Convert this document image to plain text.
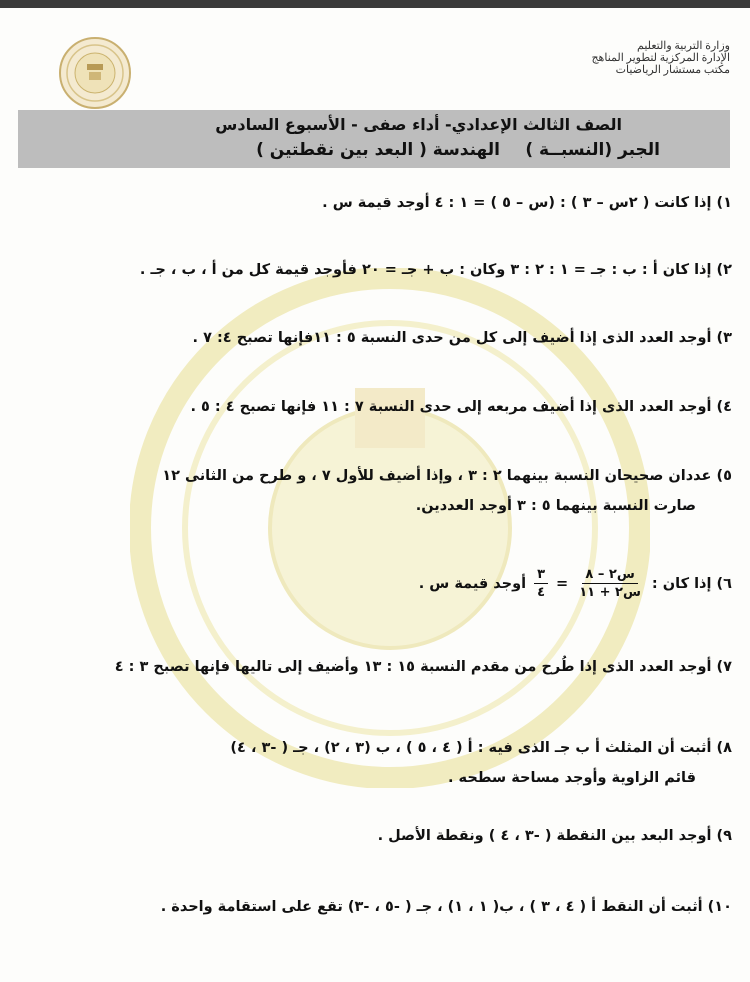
وزارة التربية والتعليم
الإدارة المركزية لتطوير المناهج
مكتب مستشار الرياضيات
الصف الثالث الإعدادي- أداء صفى - الأسبوع السادس
الجبر (النسبــة )
الهندسة ( البعد بين نقطتين )
١) إذا كانت ( ٢س – ٣ ) : (س – ٥ ) = ١ : ٤ أوجد قيمة س .
٢) إذا كان أ : ب : جـ = ١ : ٢ : ٣ وكان : ب + جـ = ٢٠ فأوجد قيمة كل من أ ، ب ، جـ .
٣) أوجد العدد الذى إذا أضيف إلى كل من حدى النسبة ٥ : ١١فإنها تصبح ٤: ٧ .
٤) أوجد العدد الذى إذا أضيف مربعه إلى حدى النسبة ٧ : ١١ فإنها تصبح ٤ : ٥ .
٥) عددان صحيحان النسبة بينهما ٢ : ٣ ، وإذا أضيف للأول ٧ ، و طرح من الثانى ١٢
صارت النسبة بينهما ٥ : ٣ أوجد العددين.
٦) إذا كان :
$\frac{\text{س٢ – ٨}}{\text{س٢ + ١١}}$
=
$\frac{٣}{٤}$
أوجد قيمة س .
٧) أوجد العدد الذى إذا طُرح من مقدم النسبة ١٥ : ١٣ وأضيف إلى تاليها فإنها تصبح ٣ : ٤
٨) أثبت أن المثلث أ ب جـ الذى فيه : أ ( ٤ ، ٥ ) ، ب (٣ ، ٢) ، جـ ( -٣ ، ٤)
قائم الزاوية وأوجد مساحة سطحه .
٩) أوجد البعد بين النقطة ( -٣ ، ٤ ) ونقطة الأصل .
١٠) أثبت أن النقط أ ( ٤ ، ٣ ) ، ب( ١ ، ١) ، جـ ( -٥ ، -٣) تقع على استقامة واحدة .
